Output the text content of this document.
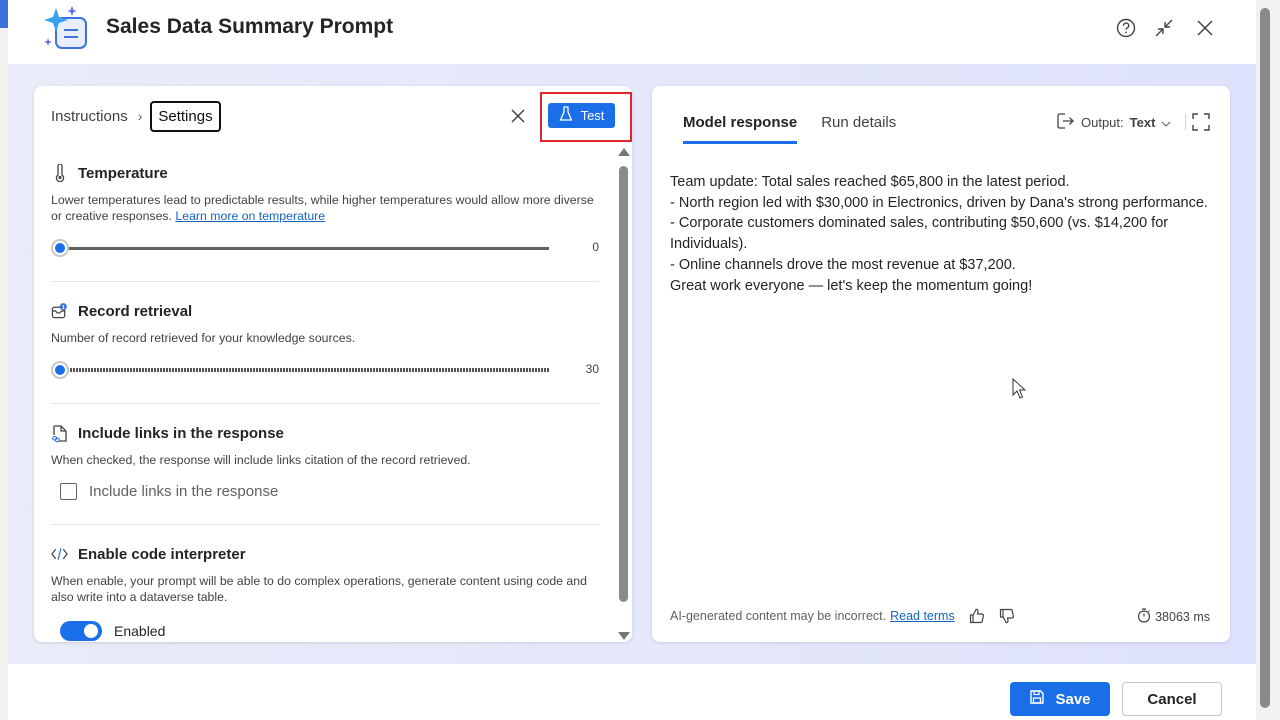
Sales Data Summary Prompt
Instructions ›	Settings	Test
Temperature
Lower temperatures lead to predictable results, while higher temperatures would allow more diverse or creative responses. Learn more on temperature
0
1 Record retrieval
Number of record retrieved for your knowledge sources.
30
Include links in the response
When checked, the response will include links citation of the record retrieved.
Include links in the response
Enable code interpreter
When enable, your prompt will be able to do complex operations, generate content using code and also write into a dataverse table.
Enabled
Model response Run details	Output: Text
Team update: Total sales reached $65,800 in the latest period.
- North region led with $30,000 in Electronics, driven by Dana's strong performance.
- Corporate customers dominated sales, contributing $50,600 (vs. $14,200 for Individuals).
- Online channels drove the most revenue at $37,200.
Great work everyone — let's keep the momentum going!
AI-generated content may be incorrect. Read terms	38063 ms
Save	Cancel
